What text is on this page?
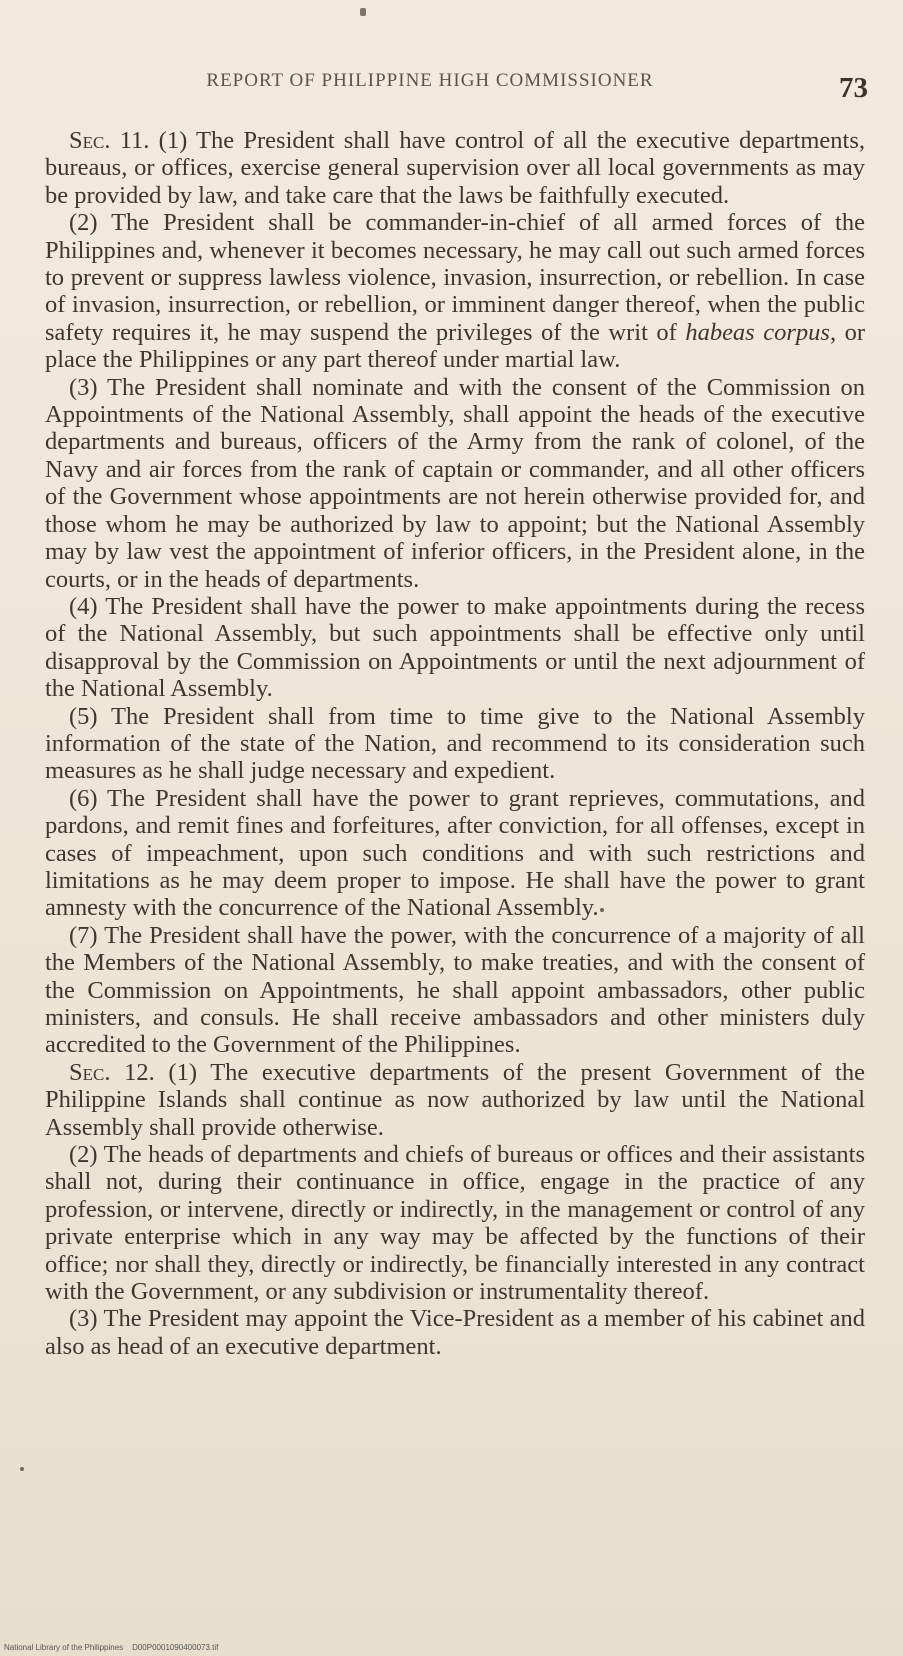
REPORT OF PHILIPPINE HIGH COMMISSIONER	73

Sec. 11. (1) The President shall have control of all the executive departments, bureaus, or offices, exercise general supervision over all local governments as may be provided by law, and take care that the laws be faithfully executed.

(2) The President shall be commander-in-chief of all armed forces of the Philippines and, whenever it becomes necessary, he may call out such armed forces to prevent or suppress lawless violence, invasion, insurrection, or rebellion. In case of invasion, insurrection, or rebellion, or imminent danger thereof, when the public safety requires it, he may suspend the privileges of the writ of habeas corpus, or place the Philippines or any part thereof under martial law.

(3) The President shall nominate and with the consent of the Commission on Appointments of the National Assembly, shall appoint the heads of the executive departments and bureaus, officers of the Army from the rank of colonel, of the Navy and air forces from the rank of captain or commander, and all other officers of the Government whose appointments are not herein otherwise provided for, and those whom he may be authorized by law to appoint; but the National Assembly may by law vest the appointment of inferior officers, in the President alone, in the courts, or in the heads of departments.

(4) The President shall have the power to make appointments during the recess of the National Assembly, but such appointments shall be effective only until disapproval by the Commission on Appointments or until the next adjournment of the National Assembly.

(5) The President shall from time to time give to the National Assembly information of the state of the Nation, and recommend to its consideration such measures as he shall judge necessary and expedient.

(6) The President shall have the power to grant reprieves, commutations, and pardons, and remit fines and forfeitures, after conviction, for all offenses, except in cases of impeachment, upon such conditions and with such restrictions and limitations as he may deem proper to impose. He shall have the power to grant amnesty with the concurrence of the National Assembly.

(7) The President shall have the power, with the concurrence of a majority of all the Members of the National Assembly, to make treaties, and with the consent of the Commission on Appointments, he shall appoint ambassadors, other public ministers, and consuls. He shall receive ambassadors and other ministers duly accredited to the Government of the Philippines.

Sec. 12. (1) The executive departments of the present Government of the Philippine Islands shall continue as now authorized by law until the National Assembly shall provide otherwise.

(2) The heads of departments and chiefs of bureaus or offices and their assistants shall not, during their continuance in office, engage in the practice of any profession, or intervene, directly or indirectly, in the management or control of any private enterprise which in any way may be affected by the functions of their office; nor shall they, directly or indirectly, be financially interested in any contract with the Government, or any subdivision or instrumentality thereof.

(3) The President may appoint the Vice-President as a member of his cabinet and also as head of an executive department.

National Library of the Philippines D00P0001090400073.tif
